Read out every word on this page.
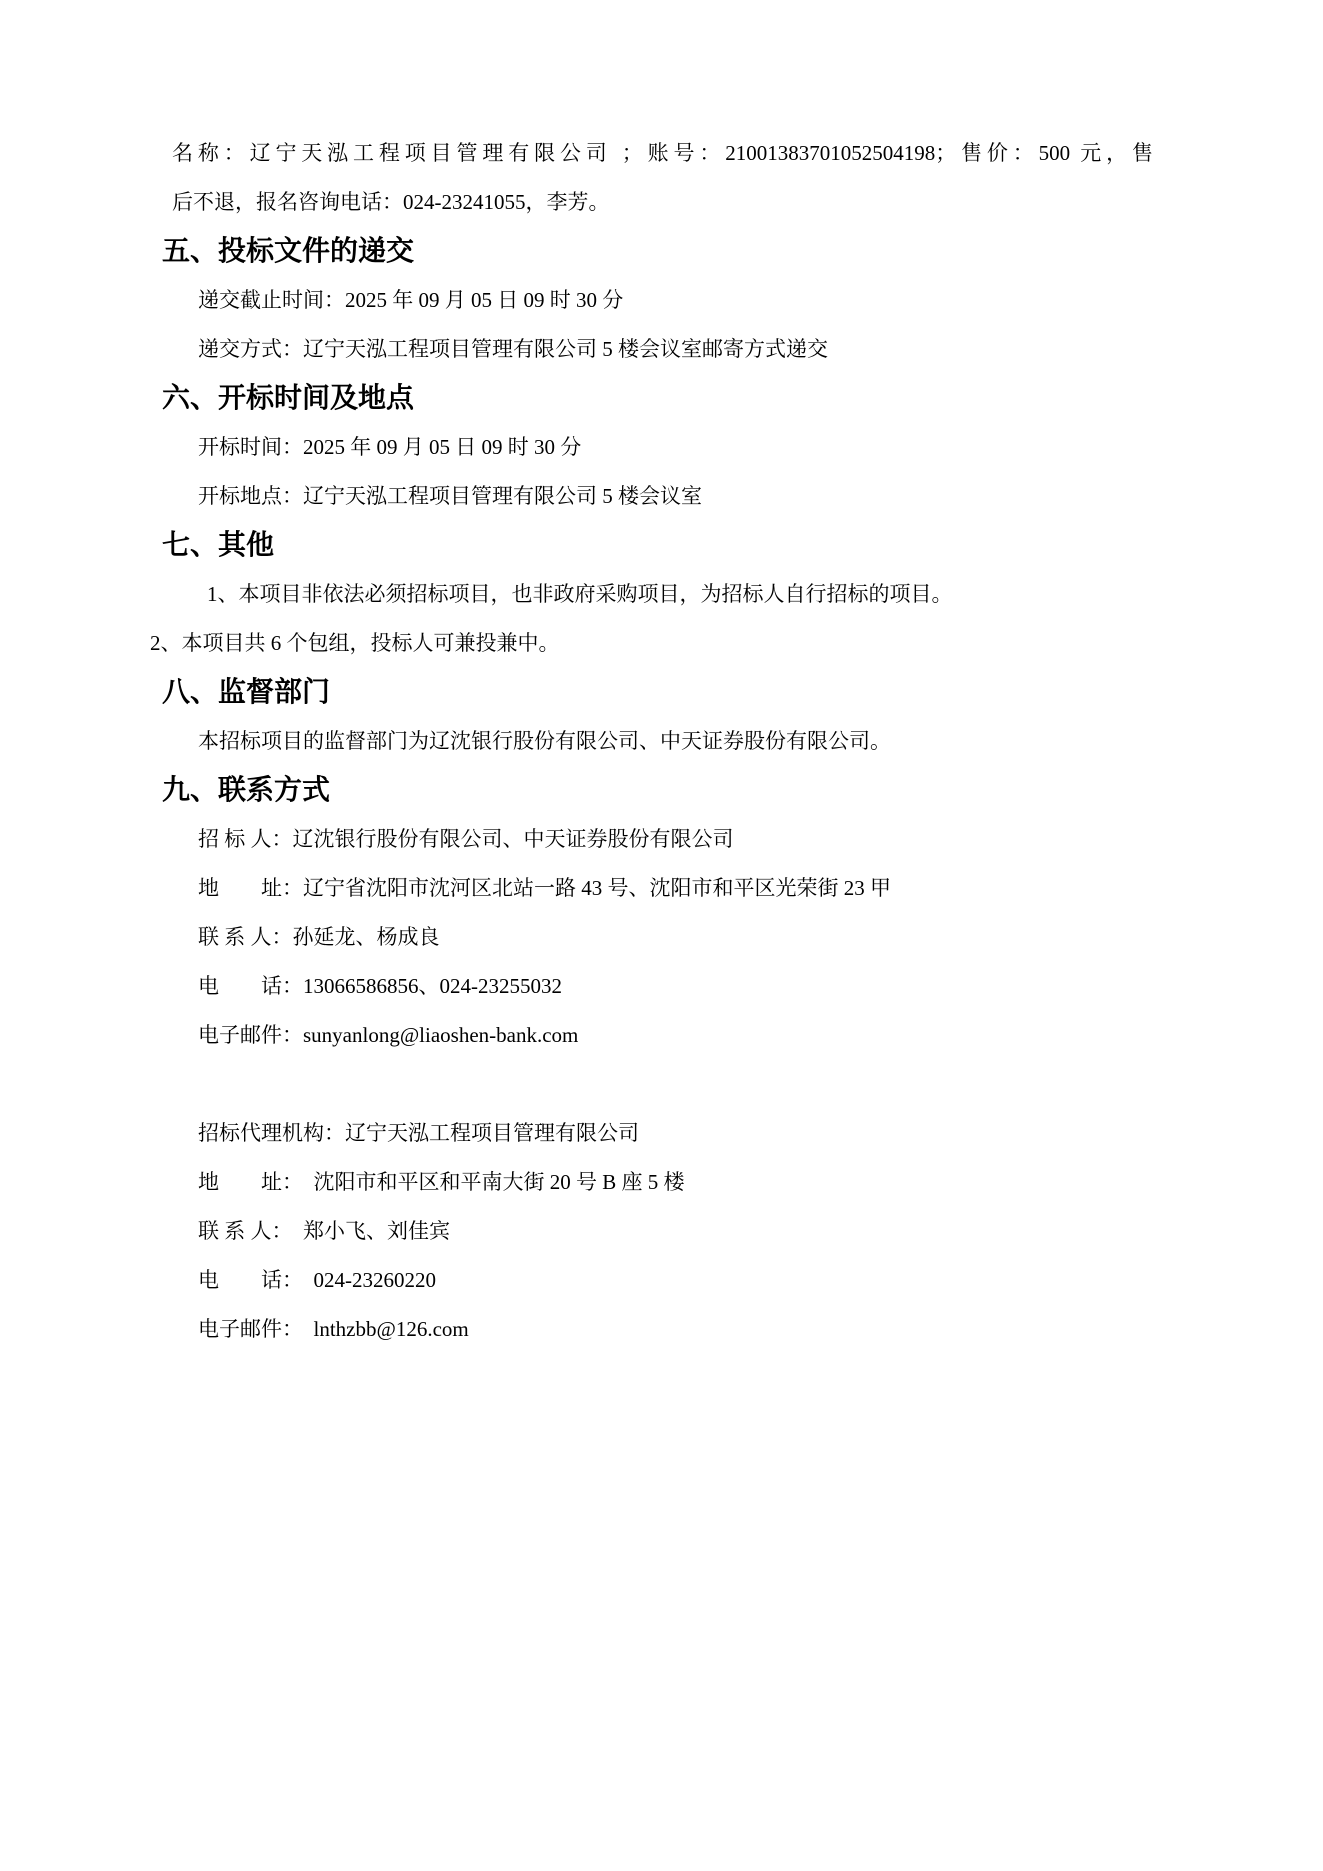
名称：辽宁天泓工程项目管理有限公司 ；账号：21001383701052504198；售价：500 元，售
后不退，报名咨询电话：024-23241055，李芳。
五、投标文件的递交
递交截止时间：2025 年 09 月 05 日 09 时 30 分
递交方式：辽宁天泓工程项目管理有限公司 5 楼会议室邮寄方式递交
六、开标时间及地点
开标时间：2025 年 09 月 05 日 09 时 30 分
开标地点：辽宁天泓工程项目管理有限公司 5 楼会议室
七、其他
1、本项目非依法必须招标项目，也非政府采购项目，为招标人自行招标的项目。
2、本项目共 6 个包组，投标人可兼投兼中。
八、监督部门
本招标项目的监督部门为辽沈银行股份有限公司、中天证券股份有限公司。
九、联系方式
招 标 人：辽沈银行股份有限公司、中天证券股份有限公司
地　　址：辽宁省沈阳市沈河区北站一路 43 号、沈阳市和平区光荣街 23 甲
联 系 人：孙延龙、杨成良
电　　话：13066586856、024-23255032
电子邮件：sunyanlong@liaoshen-bank.com
招标代理机构：辽宁天泓工程项目管理有限公司
地　　址：　沈阳市和平区和平南大街 20 号 B 座 5 楼
联 系 人：　郑小飞、刘佳宾
电　　话：　024-23260220
电子邮件：　lnthzbb@126.com
